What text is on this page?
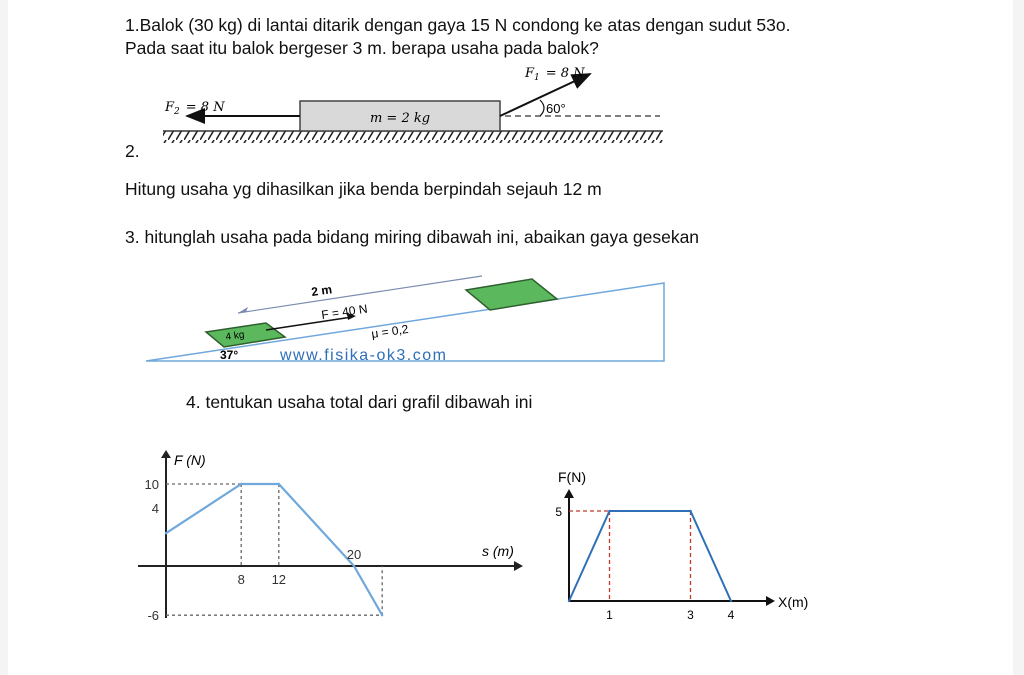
1.Balok (30 kg) di lantai ditarik dengan gaya 15 N condong ke atas dengan sudut 53o.
Pada saat itu balok bergeser 3 m. berapa usaha pada balok?
m = 2 kg
$F_2 = 8$ N
$F_1 = 8$ N
60°
2.
Hitung usaha yg dihasilkan jika benda berpindah sejauh 12 m
3. hitunglah usaha pada bidang miring dibawah ini, abaikan gaya gesekan
4 kg
2 m
F = 40 N
μ = 0,2
37°	www.fisika-ok3.com
4. tentukan usaha total dari grafil dibawah ini
F (N)
s (m)
8 12
20
10
4
-6
F(N)
X(m)
1	3	4
5
